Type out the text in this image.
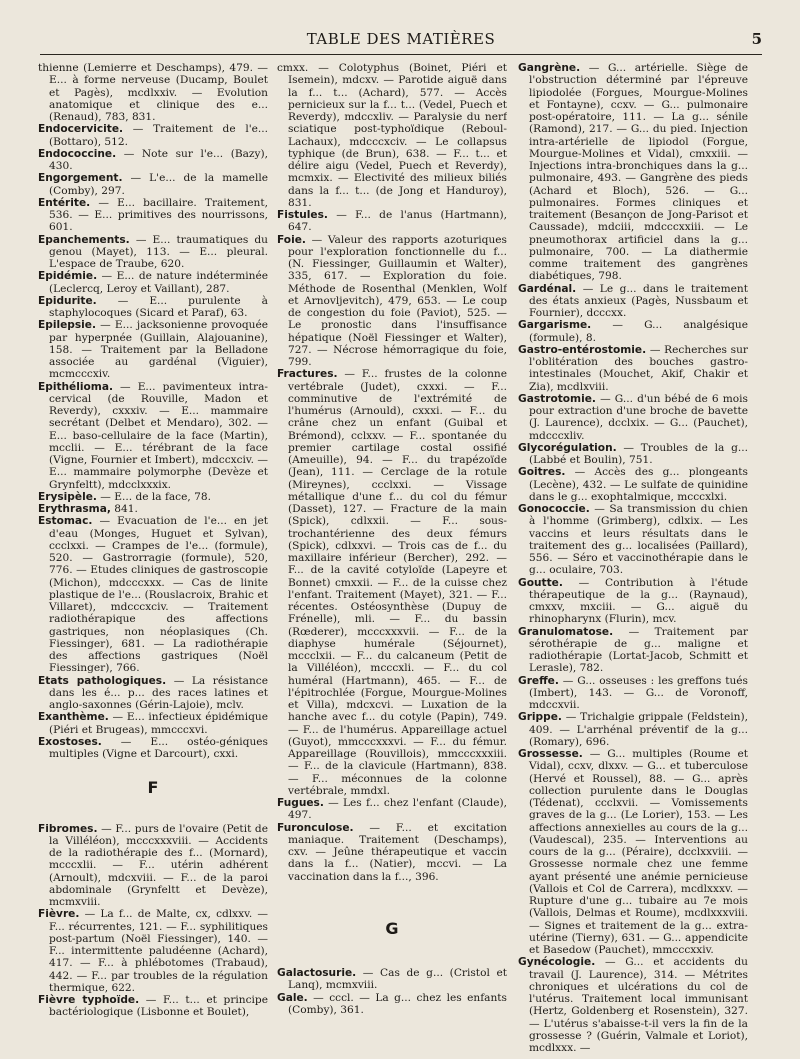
TABLE DES MATIÈRES	5

thienne (Lemierre et Deschamps), 479. — E... à forme nerveuse (Ducamp, Boulet et Pagès), mcdlxxiv. — Evolution anatomique et clinique des e... (Renaud), 783, 831.

Endocervicite. — Traitement de l'e... (Bottaro), 512.

Endococcine. — Note sur l'e... (Bazy), 430.

Engorgement. — L'e... de la mamelle (Comby), 297.

Entérite. — E... bacillaire. Traitement, 536. — E... primitives des nourrissons, 601.

Epanchements. — E... traumatiques du genou (Mayet), 113. — E... pleural. L'espace de Traube, 620.

Epidémie. — E... de nature indéterminée (Leclercq, Leroy et Vaillant), 287.

Epidurite. — E... purulente à staphylocoques (Sicard et Paraf), 63.

Epilepsie. — E... jacksonienne provoquée par hyperpnée (Guillain, Alajouanine), 158. — Traitement par la Belladone associée au gardénal (Viguier), mcmcccxiv.

Epithélioma. — E... pavimenteux intra-cervical (de Rouville, Madon et Reverdy), cxxxiv. — E... mammaire secrétant (Delbet et Mendaro), 302. — E... baso-cellulaire de la face (Martin), mcclii. — E... térébrant de la face (Vigne, Fournier et Imbert), mdccxciv. — E... mammaire polymorphe (Devèze et Grynfeltt), mdcclxxxix.

Erysipèle. — E... de la face, 78.

Erythrasma, 841.

Estomac. — Evacuation de l'e... en jet d'eau (Monges, Huguet et Sylvan), ccclxxi. — Crampes de l'e... (formule), 520. — Gastrorragie (formule), 520, 776. — Etudes cliniques de gastroscopie (Michon), mdcccxxx. — Cas de linite plastique de l'e... (Rouslacroix, Brahic et Villaret), mdcccxciv. — Traitement radiothérapique des affections gastriques, non néoplasiques (Ch. Fiessinger), 681. — La radiothérapie des affections gastriques (Noël Fiessinger), 766.

Etats pathologiques. — La résistance dans les é... p... des races latines et anglo-saxonnes (Gérin-Lajoie), mclv.

Exanthème. — E... infectieux épidémique (Piéri et Brugeas), mmcccxvi.

Exostoses. — E... ostéo-géniques multiples (Vigne et Darcourt), cxxi.

F

Fibromes. — F... purs de l'ovaire (Petit de la Villéléon), mcccxxxviii. — Accidents de la radiothérapie des f... (Mornard), mcccxlii. — F... utérin adhérent (Arnoult), mdcxviii. — F... de la paroi abdominale (Grynfeltt et Devèze), mcmxviii.

Fièvre. — La f... de Malte, cx, cdlxxv. — F... récurrentes, 121. — F... syphilitiques post-partum (Noël Fiessinger), 140. — F... intermittente paludéenne (Achard), 417. — F... à phlébotomes (Trabaud), 442. — F... par troubles de la régulation thermique, 622.

Fièvre typhoïde. — F... t... et principe bactériologique (Lisbonne et Boulet),

cmxx. — Colotyphus (Boinet, Piéri et Isemein), mdcxv. — Parotide aiguë dans la f... t... (Achard), 577. — Accès pernicieux sur la f... t... (Vedel, Puech et Reverdy), mdccxliv. — Paralysie du nerf sciatique post-typhoïdique (Reboul-Lachaux), mdcccxciv. — Le collapsus typhique (de Brun), 638. — F... t... et délire aigu (Vedel, Puech et Reverdy), mcmxix. — Electivité des milieux biliés dans la f... t... (de Jong et Handuroy), 831.

Fistules. — F... de l'anus (Hartmann), 647.

Foie. — Valeur des rapports azoturiques pour l'exploration fonctionnelle du f... (N. Fiessinger, Guillaumin et Walter), 335, 617. — Exploration du foie. Méthode de Rosenthal (Menklen, Wolf et Arnovljevitch), 479, 653. — Le coup de congestion du foie (Paviot), 525. — Le pronostic dans l'insuffisance hépatique (Noël Fiessinger et Walter), 727. — Nécrose hémorragique du foie, 799.

Fractures. — F... frustes de la colonne vertébrale (Judet), cxxxi. — F... comminutive de l'extrémité de l'humérus (Arnould), cxxxi. — F... du crâne chez un enfant (Guibal et Brémond), cclxxv. — F... spontanée du premier cartilage costal ossifié (Ameuille), 94. — F... du trapézoïde (Jean), 111. — Cerclage de la rotule (Mireynes), ccclxxi. — Vissage métallique d'une f... du col du fémur (Dasset), 127. — Fracture de la main (Spick), cdlxxii. — F... sous-trochantérienne des deux fémurs (Spick), cdlxxvi. — Trois cas de f... du maxillaire inférieur (Bercher), 292. — F... de la cavité cotyloïde (Lapeyre et Bonnet) cmxxii. — F... de la cuisse chez l'enfant. Traitement (Mayet), 321. — F... récentes. Ostéosynthèse (Dupuy de Frénelle), mli. — F... du bassin (Rœderer), mcccxxxvii. — F... de la diaphyse humérale (Séjournet), mccclxii. — F... du calcaneum (Petit de la Villéléon), mcccxli. — F... du col huméral (Hartmann), 465. — F... de l'épitrochlée (Forgue, Mourgue-Molines et Villa), mdcxcvi. — Luxation de la hanche avec f... du cotyle (Papin), 749. — F... de l'humérus. Appareillage actuel (Guyot), mmcccxxxvi. — F... du fémur. Appareillage (Rouvillois), mmcccxxxiii. — F... de la clavicule (Hartmann), 838. — F... méconnues de la colonne vertébrale, mmdxl.

Fugues. — Les f... chez l'enfant (Claude), 497.

Furonculose. — F... et excitation maniaque. Traitement (Deschamps), cxv. — Jeûne thérapeutique et vaccin dans la f... (Natier), mccvi. — La vaccination dans la f..., 396.

G

Galactosurie. — Cas de g... (Cristol et Lanq), mcmxviii.

Gale. — cccl. — La g... chez les enfants (Comby), 361.

Gangrène. — G... artérielle. Siège de l'obstruction déterminé par l'épreuve lipiodolée (Forgues, Mourgue-Molines et Fontayne), ccxv. — G... pulmonaire post-opératoire, 111. — La g... sénile (Ramond), 217. — G... du pied. Injection intra-artérielle de lipiodol (Forgue, Mourgue-Molines et Vidal), cmxxiii. — Injections intra-bronchiques dans la g... pulmonaire, 493. — Gangrène des pieds (Achard et Bloch), 526. — G... pulmonaires. Formes cliniques et traitement (Besançon de Jong-Parisot et Caussade), mdciii, mdcccxxiii. — Le pneumothorax artificiel dans la g... pulmonaire, 700. — La diathermie comme traitement des gangrènes diabétiques, 798.

Gardénal. — Le g... dans le traitement des états anxieux (Pagès, Nussbaum et Fournier), dcccxx.

Gargarisme. — G... analgésique (formule), 8.

Gastro-entérostomie. — Recherches sur l'oblitération des bouches gastro-intestinales (Mouchet, Akif, Chakir et Zia), mcdlxviii.

Gastrotomie. — G... d'un bébé de 6 mois pour extraction d'une broche de bavette (J. Laurence), dcclxix. — G... (Pauchet), mdcccxliv.

Glycorégulation. — Troubles de la g... (Labbé et Boulin), 751.

Goitres. — Accès des g... plongeants (Lecène), 432. — Le sulfate de quinidine dans le g... exophtalmique, mcccxlxi.

Gonococcie. — Sa transmission du chien à l'homme (Grimberg), cdlxix. — Les vaccins et leurs résultats dans le traitement des g... localisées (Paillard), 556. — Séro et vaccinothérapie dans le g... oculaire, 703.

Goutte. — Contribution à l'étude thérapeutique de la g... (Raynaud), cmxxv, mxciii. — G... aiguë du rhinopharynx (Flurin), mcv.

Granulomatose. — Traitement par sérothérapie de g... maligne et radiothérapie (Lortat-Jacob, Schmitt et Lerasle), 782.

Greffe. — G... osseuses : les greffons tués (Imbert), 143. — G... de Voronoff, mdccxvii.

Grippe. — Trichalgie grippale (Feldstein), 409. — L'arrhénal préventif de la g... (Romary), 696.

Grossesse. — G... multiples (Roume et Vidal), ccxv, dlxxv. — G... et tuberculose (Hervé et Roussel), 88. — G... après collection purulente dans le Douglas (Tédenat), ccclxvii. — Vomissements graves de la g... (Le Lorier), 153. — Les affections annexielles au cours de la g... (Vaudescal), 235. — Interventions au cours de la g... (Péraire), dcclxxviii. — Grossesse normale chez une femme ayant présenté une anémie pernicieuse (Vallois et Col de Carrera), mcdlxxxv. — Rupture d'une g... tubaire au 7e mois (Vallois, Delmas et Roume), mcdlxxxviii. — Signes et traitement de la g... extra-utérine (Tierny), 631. — G... appendicite et Basedow (Pauchet), mmcccxxiv.

Gynécologie. — G... et accidents du travail (J. Laurence), 314. — Métrites chroniques et ulcérations du col de l'utérus. Traitement local immunisant (Hertz, Goldenberg et Rosenstein), 327. — L'utérus s'abaisse-t-il vers la fin de la grossesse ? (Guérin, Valmale et Loriot), mcdlxxx. —
